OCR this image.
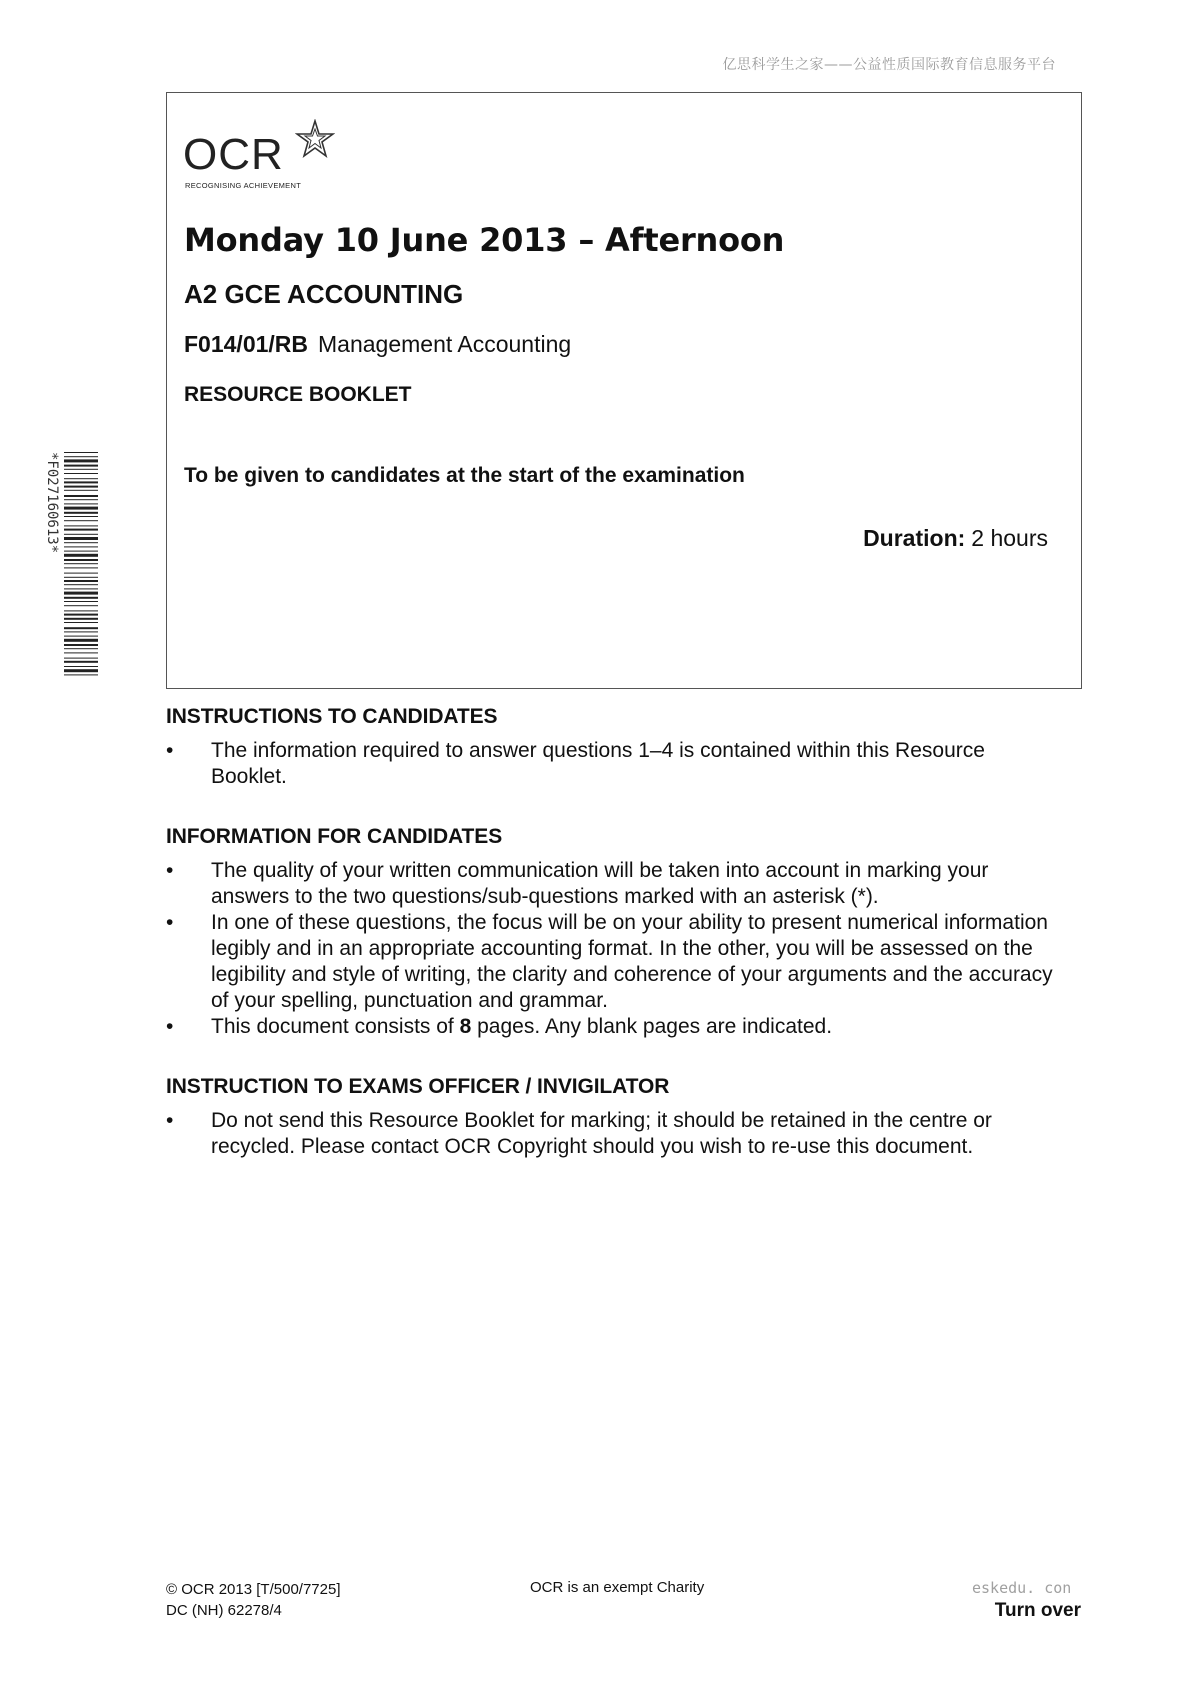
亿思科学生之家——公益性质国际教育信息服务平台
OCR
RECOGNISING ACHIEVEMENT
Monday 10 June 2013 – Afternoon
A2 GCE ACCOUNTING
F014/01/RB Management Accounting
RESOURCE BOOKLET
To be given to candidates at the start of the examination
Duration: 2 hours
*F027160613*
INSTRUCTIONS TO CANDIDATES
• The information required to answer questions 1–4 is contained within this Resource Booklet.
INFORMATION FOR CANDIDATES
• The quality of your written communication will be taken into account in marking your answers to the two questions/sub-questions marked with an asterisk (*).
• In one of these questions, the focus will be on your ability to present numerical information legibly and in an appropriate accounting format. In the other, you will be assessed on the legibility and style of writing, the clarity and coherence of your arguments and the accuracy of your spelling, punctuation and grammar.
• This document consists of 8 pages. Any blank pages are indicated.
INSTRUCTION TO EXAMS OFFICER / INVIGILATOR
• Do not send this Resource Booklet for marking; it should be retained in the centre or recycled. Please contact OCR Copyright should you wish to re-use this document.
© OCR 2013 [T/500/7725]
DC (NH) 62278/4
OCR is an exempt Charity	eskedu. con
Turn over
